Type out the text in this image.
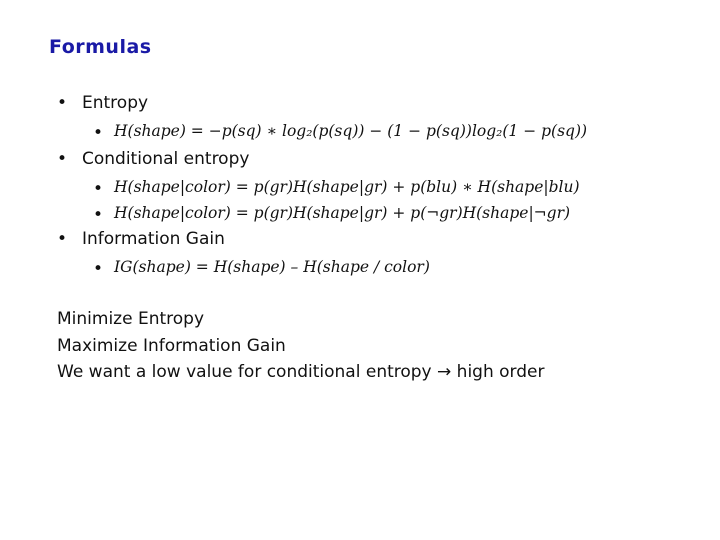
Formulas
• Entropy
• H(shape) = −p(sq) ∗ log₂(p(sq)) − (1 − p(sq))log₂(1 − p(sq))
• Conditional entropy
• H(shape|color) = p(gr)H(shape|gr) + p(blu) ∗ H(shape|blu)
• H(shape|color) = p(gr)H(shape|gr) + p(¬gr)H(shape|¬gr)
• Information Gain
• IG(shape) = H(shape) – H(shape / color)
Minimize Entropy
Maximize Information Gain
We want a low value for conditional entropy → high order
